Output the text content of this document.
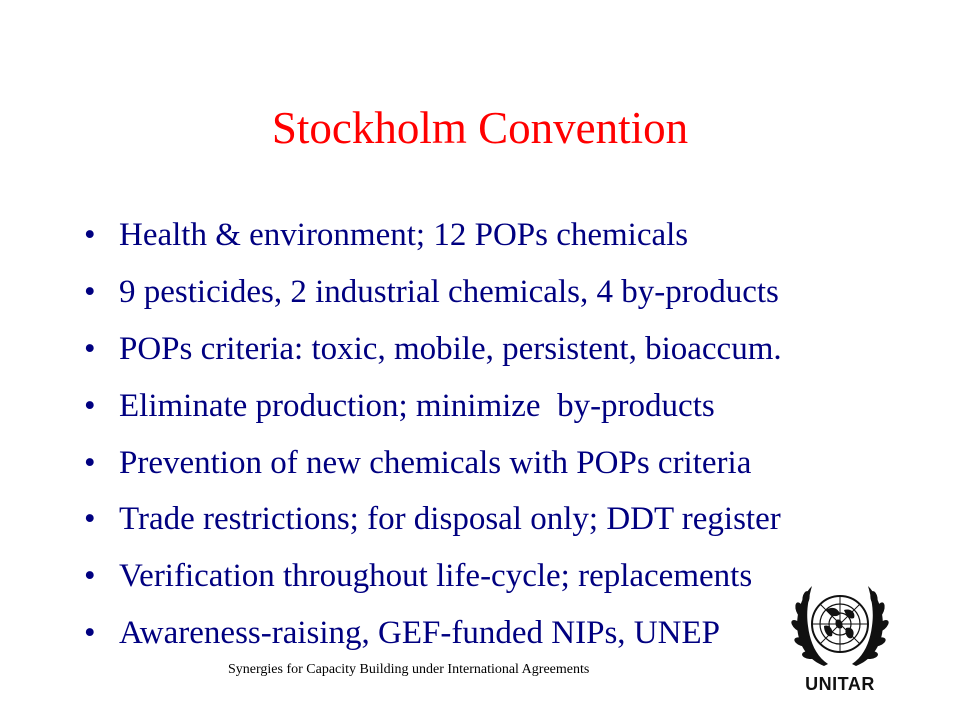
Stockholm Convention
• Health & environment; 12 POPs chemicals
• 9 pesticides, 2 industrial chemicals, 4 by-products
• POPs criteria: toxic, mobile, persistent, bioaccum.
• Eliminate production; minimize  by-products
• Prevention of new chemicals with POPs criteria
• Trade restrictions; for disposal only; DDT register
• Verification throughout life-cycle; replacements
• Awareness-raising, GEF-funded NIPs, UNEP
Synergies for Capacity Building under International Agreements
UNITAR
